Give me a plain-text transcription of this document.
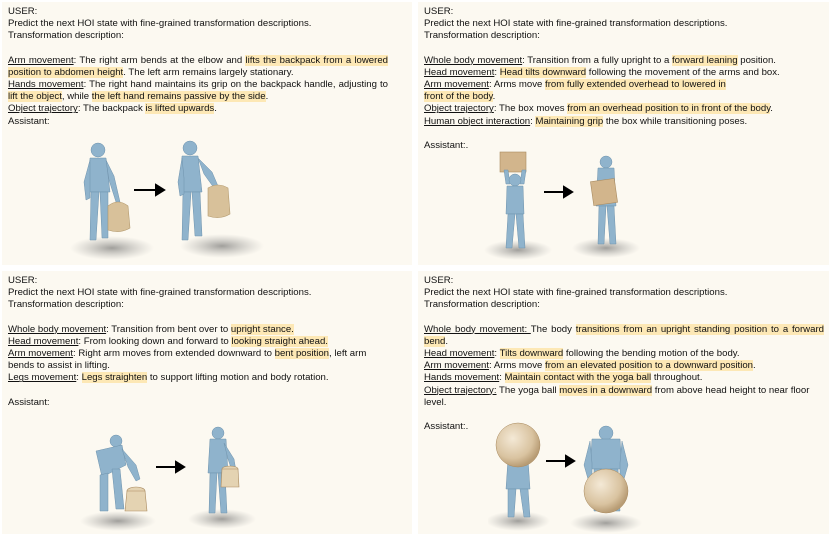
USER:

Predict the next HOI state with fine-grained transformation descriptions.

Transformation description:

Arm movement: The right arm bends at the elbow and lifts the backpack from a lowered position to abdomen height. The left arm remains largely stationary.

Hands movement: The right hand maintains its grip on the backpack handle, adjusting to lift the object, while the left hand remains passive by the side.

Object trajectory: The backpack is lifted upwards.

Assistant:

USER:

Predict the next HOI state with fine-grained transformation descriptions.

Transformation description:

Whole body movement: Transition from a fully upright to a forward leaning position.

Head movement: Head tilts downward following the movement of the arms and box.

Arm movement: Arms move from fully extended overhead to lowered in front of the body.

Object trajectory: The box moves from an overhead position to in front of the body.

Human object interaction: Maintaining grip the box while transitioning poses.

Assistant:.

USER:

Predict the next HOI state with fine-grained transformation descriptions.

Transformation description:

Whole body movement: Transition from bent over to upright stance.

Head movement: From looking down and forward to looking straight ahead.

Arm movement: Right arm moves from extended downward to bent position, left arm bends to assist in lifting.

Legs movement: Legs straighten to support lifting motion and body rotation.

Assistant:

USER:

Predict the next HOI state with fine-grained transformation descriptions.

Transformation description:

Whole body movement: The body transitions from an upright standing position to a forward bend.

Head movement: Tilts downward following the bending motion of the body.

Arm movement: Arms move from an elevated position to a downward position.

Hands movement: Maintain contact with the yoga ball throughout.

Object trajectory: The yoga ball moves in a downward from above head height to near floor level.

Assistant:.
